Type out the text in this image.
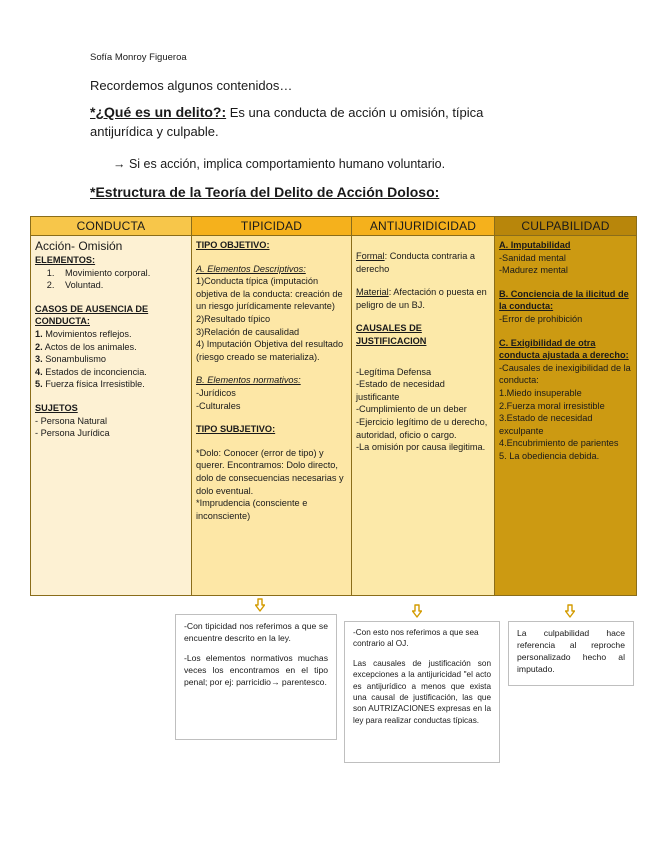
Sofía Monroy Figueroa
Recordemos algunos contenidos…
*¿Qué es un delito?: Es una conducta de acción u omisión, típica antijurídica y culpable.
→ Si es acción, implica comportamiento humano voluntario.
*Estructura de la Teoría del Delito de Acción Doloso:
CONDUCTA
Acción- Omisión
ELEMENTOS:
1. Movimiento corporal.
2. Voluntad.
CASOS DE AUSENCIA DE CONDUCTA:
1. Movimientos reflejos.
2. Actos de los animales.
3. Sonambulismo
4. Estados de inconciencia.
5. Fuerza física Irresistible.
SUJETOS
- Persona Natural
- Persona Jurídica
TIPICIDAD
TIPO OBJETIVO:
A. Elementos Descriptivos:
1)Conducta típica (imputación objetiva de la conducta: creación de un riesgo jurídicamente relevante)
2)Resultado típico
3)Relación de causalidad
4) Imputación Objetiva del resultado (riesgo creado se materializa).
B. Elementos normativos:
-Jurídicos
-Culturales
TIPO SUBJETIVO:
*Dolo: Conocer (error de tipo) y querer. Encontramos: Dolo directo, dolo de consecuencias necesarias y dolo eventual.
*Imprudencia (consciente e inconsciente)
ANTIJURIDICIDAD
Formal: Conducta contraria a derecho
Material: Afectación o puesta en peligro de un BJ.
CAUSALES DE JUSTIFICACION
-Legítima Defensa
-Estado de necesidad justificante
-Cumplimiento de un deber
-Ejercicio legítimo de u derecho, autoridad, oficio o cargo.
-La omisión por causa ilegitima.
CULPABILIDAD
A. Imputabilidad
-Sanidad mental
-Madurez mental
B. Conciencia de la ilicitud de la conducta:
-Error de prohibición
C. Exigibilidad de otra conducta ajustada a derecho:
-Causales de inexigibilidad de la conducta:
1.Miedo insuperable
2.Fuerza moral irresistible
3.Estado de necesidad exculpante
4.Encubrimiento de parientes
5. La obediencia debida.

-Con tipicidad nos referimos a que se encuentre descrito en la ley.

-Los elementos normativos muchas veces los encontramos en el tipo penal; por ej: parricidio→ parentesco.

-Con esto nos referimos a que sea contrario al OJ.

Las causales de justificación son excepciones a la antijuricidad "el acto es antijurídico a menos que exista una causal de justificación, las que son AUTRIZACIONES expresas en la ley para realizar conductas típicas.

La culpabilidad hace referencia al reproche personalizado hecho al imputado.
